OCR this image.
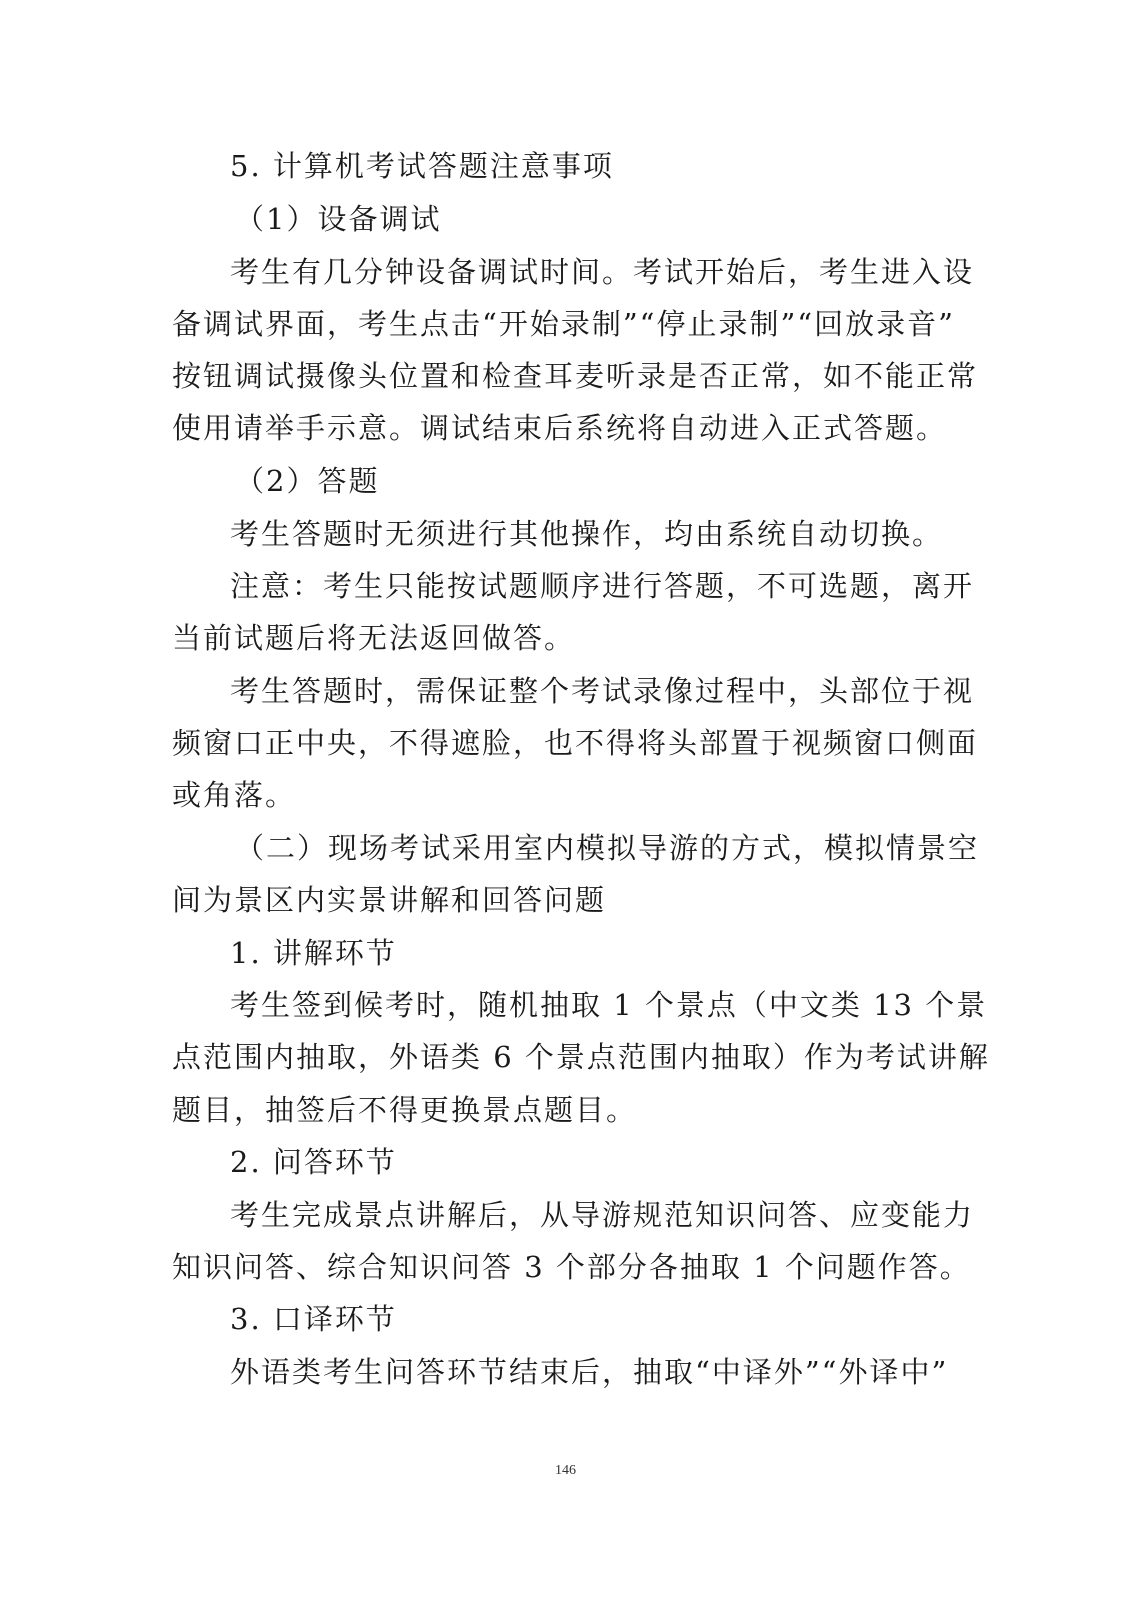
5. 计算机考试答题注意事项
（1）设备调试
考生有几分钟设备调试时间。考试开始后，考生进入设
备调试界面，考生点击“开始录制”“停止录制”“回放录音”
按钮调试摄像头位置和检查耳麦听录是否正常，如不能正常
使用请举手示意。调试结束后系统将自动进入正式答题。
（2）答题
考生答题时无须进行其他操作，均由系统自动切换。
注意：考生只能按试题顺序进行答题，不可选题，离开
当前试题后将无法返回做答。
考生答题时，需保证整个考试录像过程中，头部位于视
频窗口正中央，不得遮脸，也不得将头部置于视频窗口侧面
或角落。
（二）现场考试采用室内模拟导游的方式，模拟情景空
间为景区内实景讲解和回答问题
1. 讲解环节
考生签到候考时，随机抽取 1 个景点（中文类 13 个景
点范围内抽取，外语类 6 个景点范围内抽取）作为考试讲解
题目，抽签后不得更换景点题目。
2. 问答环节
考生完成景点讲解后，从导游规范知识问答、应变能力
知识问答、综合知识问答 3 个部分各抽取 1 个问题作答。
3. 口译环节
外语类考生问答环节结束后，抽取“中译外”“外译中”
146
